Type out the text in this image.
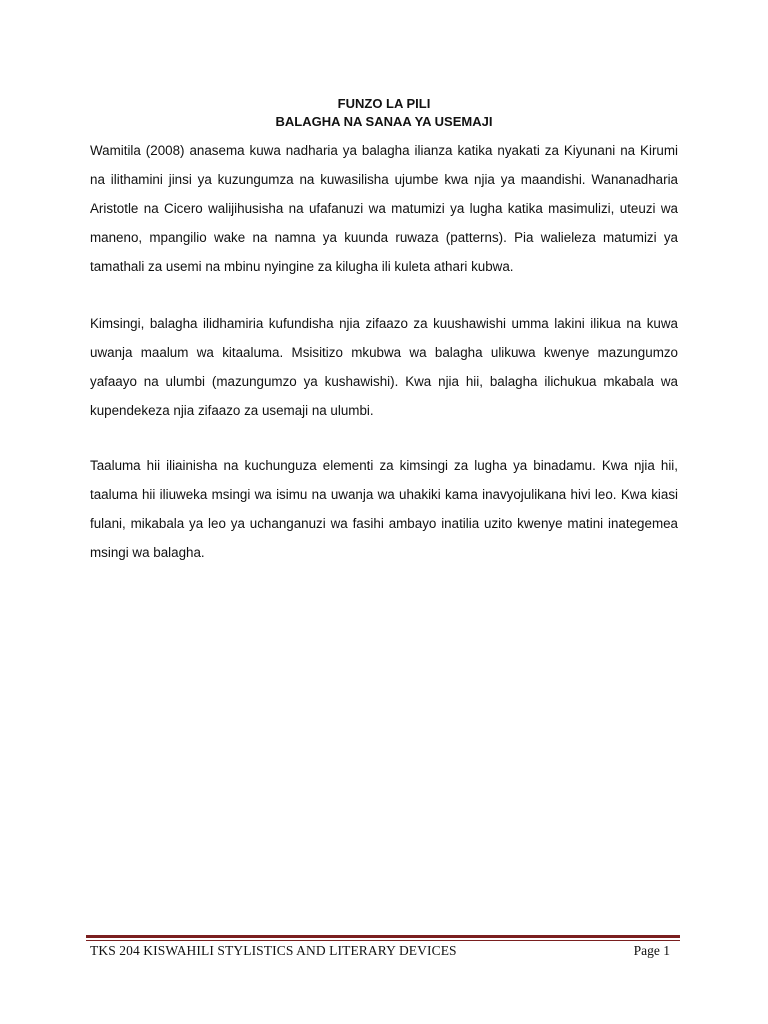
FUNZO LA PILI
BALAGHA NA SANAA YA USEMAJI

Wamitila (2008) anasema kuwa nadharia ya balagha ilianza katika nyakati za Kiyunani na Kirumi na ilithamini jinsi ya kuzungumza na kuwasilisha ujumbe kwa njia ya maandishi. Wananadharia Aristotle na Cicero walijihusisha na ufafanuzi wa matumizi ya lugha katika masimulizi, uteuzi wa maneno, mpangilio wake na namna ya kuunda ruwaza (patterns). Pia walieleza matumizi ya tamathali za usemi na mbinu nyingine za kilugha ili kuleta athari kubwa.

Kimsingi, balagha ilidhamiria kufundisha njia zifaazo za kuushawishi umma lakini ilikua na kuwa uwanja maalum wa kitaaluma. Msisitizo mkubwa wa balagha ulikuwa kwenye mazungumzo yafaayo na ulumbi (mazungumzo ya kushawishi). Kwa njia hii, balagha ilichukua mkabala wa kupendekeza njia zifaazo za usemaji na ulumbi.

Taaluma hii iliainisha na kuchunguza elementi za kimsingi za lugha ya binadamu. Kwa njia hii, taaluma hii iliuweka msingi wa isimu na uwanja wa uhakiki kama inavyojulikana hivi leo. Kwa kiasi fulani, mikabala ya leo ya uchanganuzi wa fasihi ambayo inatilia uzito kwenye matini inategemea msingi wa balagha.

TKS 204 KISWAHILI STYLISTICS AND LITERARY DEVICES	Page 1
